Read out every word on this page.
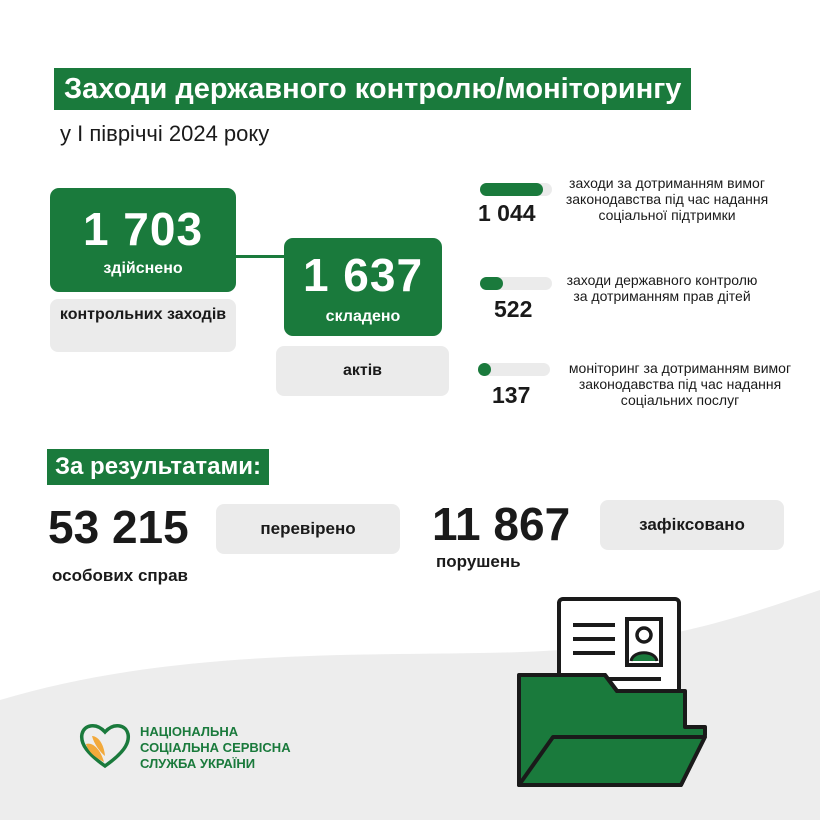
Заходи державного контролю/моніторингу
у I півріччі 2024 року
1 703
здійснено
контрольних заходів
1 637
складено
актів
1 044
заходи за дотриманням вимог законодавства під час надання соціальної підтримки
522
заходи державного контролю за дотриманням прав дітей
137
моніторинг за дотриманням вимог законодавства під час надання соціальних послуг
За результатами:
53 215	перевірено
особових справ
11 867	зафіксовано
порушень
НАЦІОНАЛЬНА СОЦІАЛЬНА СЕРВІСНА СЛУЖБА УКРАЇНИ
